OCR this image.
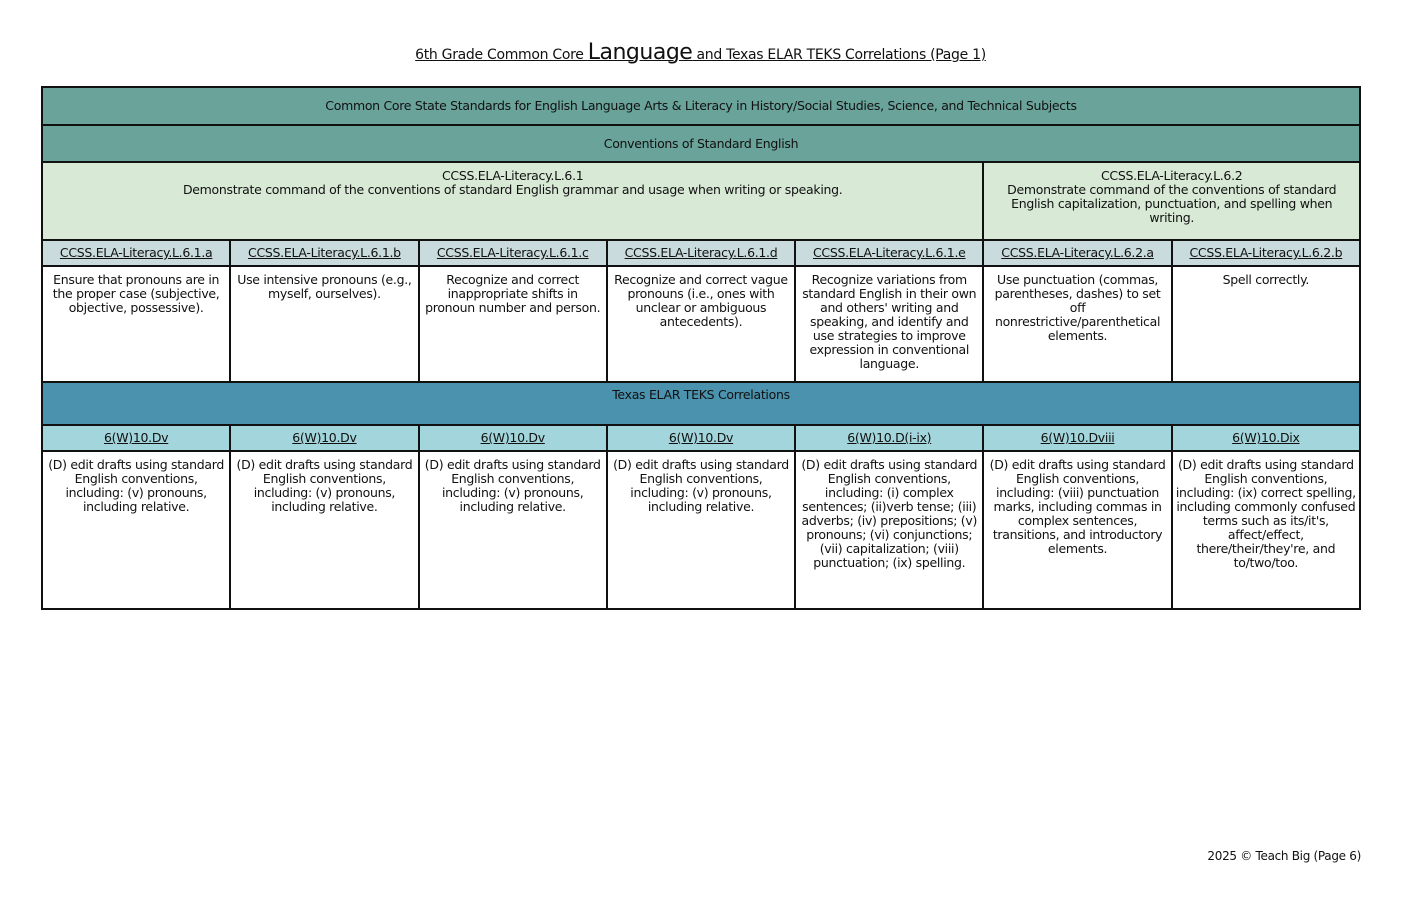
6th Grade Common Core Language and Texas ELAR TEKS Correlations (Page 1)
Common Core State Standards for English Language Arts & Literacy in History/Social Studies, Science, and Technical Subjects						
Conventions of Standard English						

CCSS.ELA-Literacy.L.6.1
Demonstrate command of the conventions of standard English grammar and usage when writing or speaking.					CCSS.ELA-Literacy.L.6.2
Demonstrate command of the conventions of standard English capitalization, punctuation, and spelling when writing.	

CCSS.ELA-Literacy.L.6.1.a	CCSS.ELA-Literacy.L.6.1.b	CCSS.ELA-Literacy.L.6.1.c	CCSS.ELA-Literacy.L.6.1.d	CCSS.ELA-Literacy.L.6.1.e	CCSS.ELA-Literacy.L.6.2.a	CCSS.ELA-Literacy.L.6.2.b
Ensure that pronouns are in the proper case (subjective, objective, possessive).	Use intensive pronouns (e.g., myself, ourselves).	Recognize and correct inappropriate shifts in pronoun number and person.	Recognize and correct vague pronouns (i.e., ones with unclear or ambiguous antecedents).	Recognize variations from standard English in their own and others' writing and speaking, and identify and use strategies to improve expression in conventional language.	Use punctuation (commas, parentheses, dashes) to set off nonrestrictive/parenthetical elements.	Spell correctly.
Texas ELAR TEKS Correlations						
6(W)10.Dv	6(W)10.Dv	6(W)10.Dv	6(W)10.Dv	6(W)10.D(i-ix)	6(W)10.Dviii	6(W)10.Dix
(D) edit drafts using standard English conventions, including: (v) pronouns, including relative.	(D) edit drafts using standard English conventions, including: (v) pronouns, including relative.	(D) edit drafts using standard English conventions, including: (v) pronouns, including relative.	(D) edit drafts using standard English conventions, including: (v) pronouns, including relative.	(D) edit drafts using standard English conventions, including: (i) complex sentences; (ii)verb tense; (iii) adverbs; (iv) prepositions; (v) pronouns; (vi) conjunctions; (vii) capitalization; (viii) punctuation; (ix) spelling.	(D) edit drafts using standard English conventions, including: (viii) punctuation marks, including commas in complex sentences, transitions, and introductory elements.	(D) edit drafts using standard English conventions, including: (ix) correct spelling, including commonly confused terms such as its/it's, affect/effect, there/their/they're, and to/two/too.
2025 © Teach Big (Page 6)
